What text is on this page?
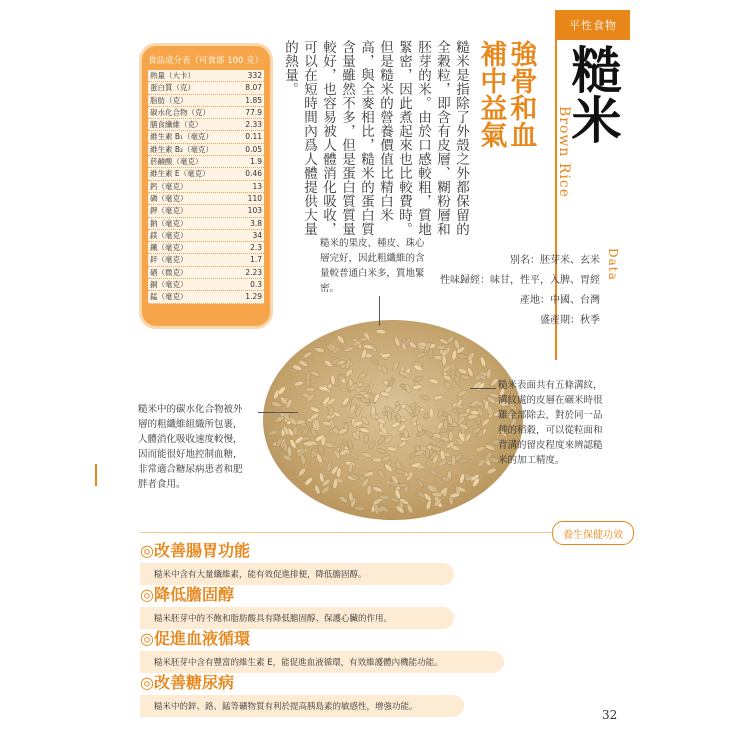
平性食物
糙米
Brown Rice
強骨和血
補中益氣
糙米是指除了外殼之外都保留的
全穀粒，即含有皮層、糊粉層和
胚芽的米。由於口感較粗，質地
緊密，因此煮起來也比較費時。
但是糙米的營養價值比精白米
高，與全麥相比，糙米的蛋白質
含量雖然不多，但是蛋白質質量
較好，也容易被人體消化吸收，
可以在短時間內爲人體提供大量
的熱量。
食品成分表（可食部 100 克）
熱量（大卡）	332
蛋白質（克）	8.07
脂肪（克）	1.85
碳水化合物（克）	77.9
膳食纖維（克）	2.33
維生素 B₁（毫克）	0.11
維生素 B₂（毫克）	0.05
菸鹼酸（毫克）	1.9
維生素 E（毫克）	0.46
鈣（毫克）	13
磷（毫克）	110
鉀（毫克）	103
鈉（毫克）	3.8
鎂（毫克）	34
鐵（毫克）	2.3
鋅（毫克）	1.7
硒（微克）	2.23
銅（毫克）	0.3
錳（毫克）	1.29
Data
別名：胚芽米、玄米
性味歸經：味甘，性平，入脾、胃經
產地：中國、台灣
盛產期：秋季
糙米的果皮、種皮、珠心
層完好，因此粗纖維的含
量較普通白米多，質地緊
密。
糙米中的碳水化合物被外
層的粗纖維組織所包裹，
人體消化吸收速度較慢，
因而能很好地控制血糖，
非常適合糖尿病患者和肥
胖者食用。
糙米表面共有五條溝紋，
溝紋處的皮層在碾米時很
難全部除去，對於同一品
種的稻穀，可以從粒面和
背溝的留皮程度來辨認糙
米的加工精度。
養生保健功效
◎改善腸胃功能
糙米中含有大量纖維素，能有效促進排便，降低膽固醇。
◎降低膽固醇
糙米胚芽中的不飽和脂肪酸具有降低膽固醇、保護心臟的作用。
◎促進血液循環
糙米胚芽中含有豐富的維生素 E，能促進血液循環，有效維護體內機能功能。
◎改善糖尿病
糙米中的鋅、鉻、錳等礦物質有利於提高胰島素的敏感性，增強功能。
32
